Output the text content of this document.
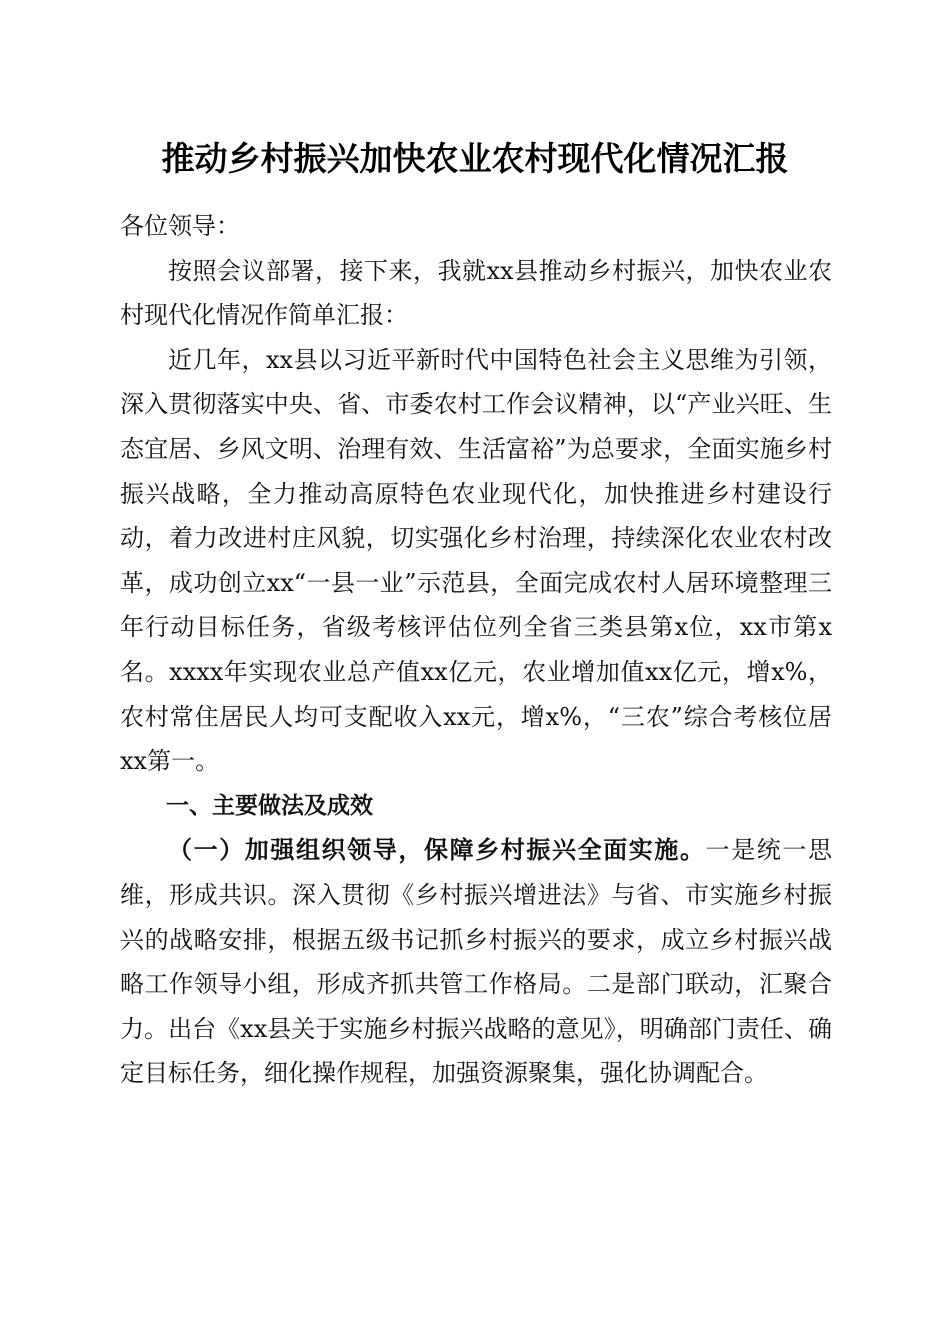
推动乡村振兴加快农业农村现代化情况汇报

各位领导：

按照会议部署，接下来，我就xx县推动乡村振兴，加快农业农村现代化情况作简单汇报：

近几年，xx县以习近平新时代中国特色社会主义思维为引领，深入贯彻落实中央、省、市委农村工作会议精神，以“产业兴旺、生态宜居、乡风文明、治理有效、生活富裕”为总要求，全面实施乡村振兴战略，全力推动高原特色农业现代化，加快推进乡村建设行动，着力改进村庄风貌，切实强化乡村治理，持续深化农业农村改革，成功创立xx“一县一业”示范县，全面完成农村人居环境整理三年行动目标任务，省级考核评估位列全省三类县第x位，xx市第x名。xxxx年实现农业总产值xx亿元，农业增加值xx亿元，增x%，农村常住居民人均可支配收入xx元，增x%，“三农”综合考核位居xx第一。

一、主要做法及成效

（一）加强组织领导，保障乡村振兴全面实施。一是统一思维，形成共识。深入贯彻《乡村振兴增进法》与省、市实施乡村振兴的战略安排，根据五级书记抓乡村振兴的要求，成立乡村振兴战略工作领导小组，形成齐抓共管工作格局。二是部门联动，汇聚合力。出台《xx县关于实施乡村振兴战略的意见》，明确部门责任、确定目标任务，细化操作规程，加强资源聚集，强化协调配合。
